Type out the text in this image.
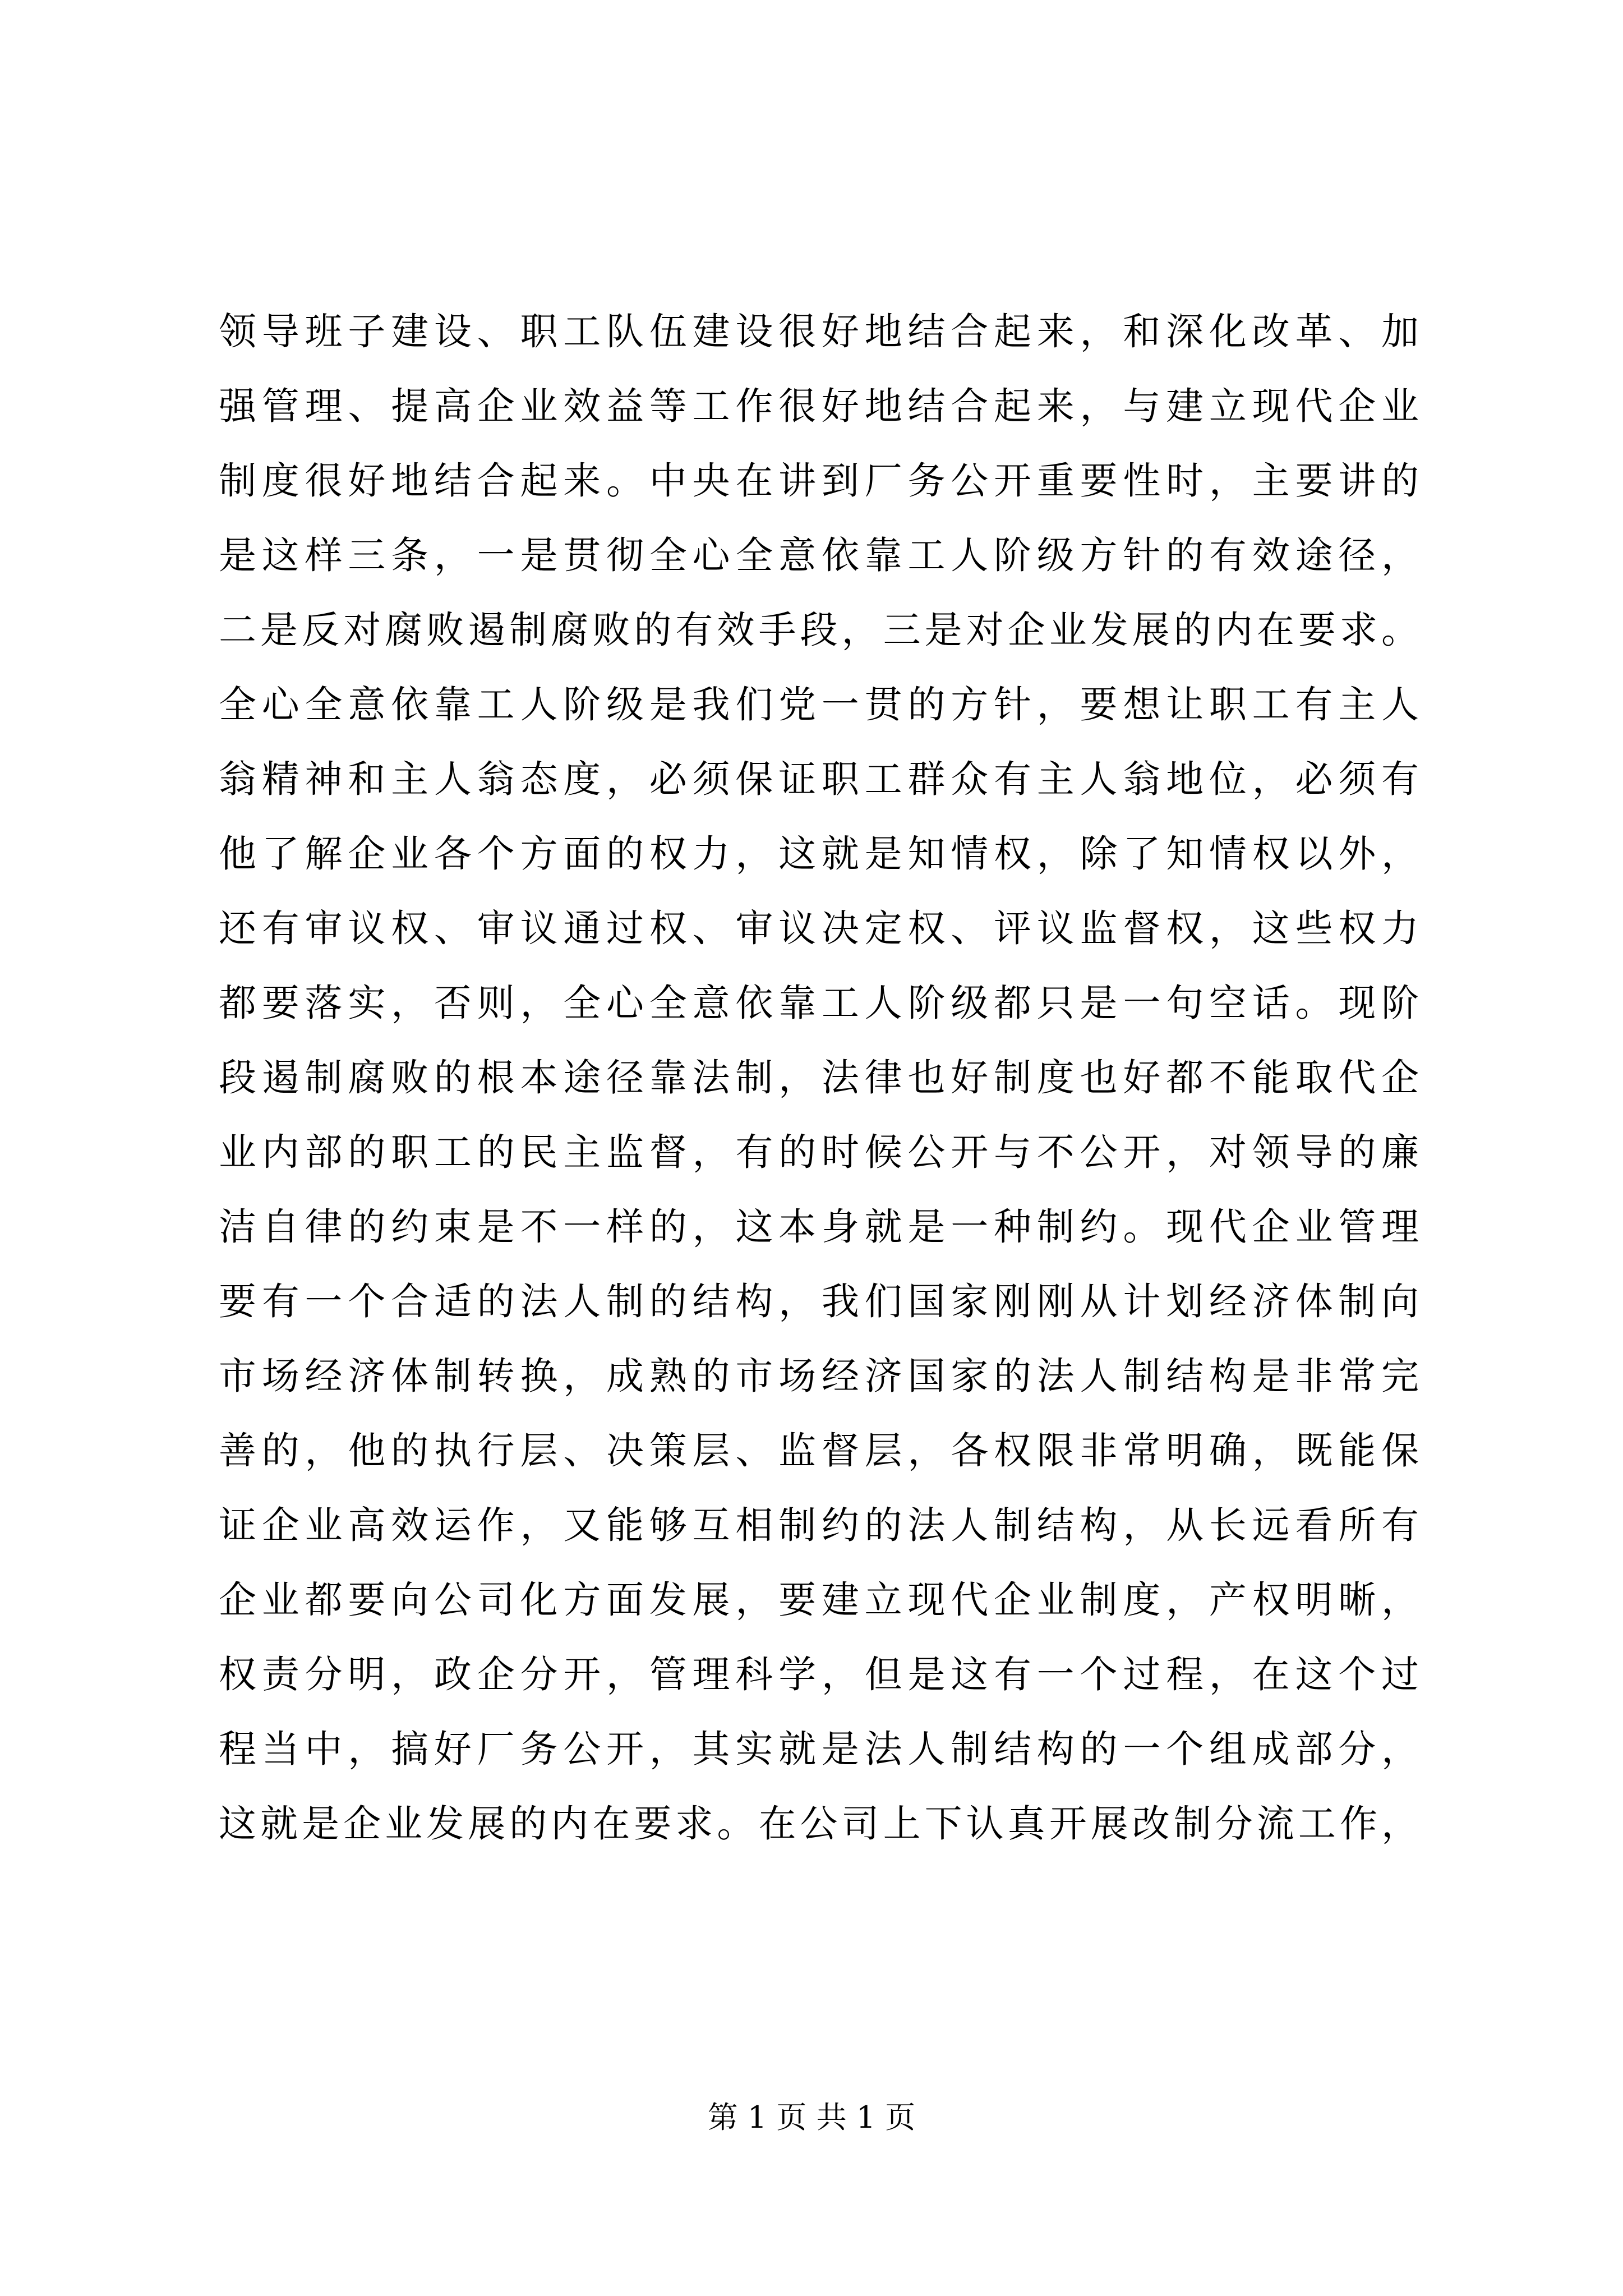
领导班子建设、职工队伍建设很好地结合起来，和深化改革、加
强管理、提高企业效益等工作很好地结合起来，与建立现代企业
制度很好地结合起来。中央在讲到厂务公开重要性时，主要讲的
是这样三条，一是贯彻全心全意依靠工人阶级方针的有效途径，
二是反对腐败遏制腐败的有效手段，三是对企业发展的内在要求。
全心全意依靠工人阶级是我们党一贯的方针，要想让职工有主人
翁精神和主人翁态度，必须保证职工群众有主人翁地位，必须有
他了解企业各个方面的权力，这就是知情权，除了知情权以外，
还有审议权、审议通过权、审议决定权、评议监督权，这些权力
都要落实，否则，全心全意依靠工人阶级都只是一句空话。现阶
段遏制腐败的根本途径靠法制，法律也好制度也好都不能取代企
业内部的职工的民主监督，有的时候公开与不公开，对领导的廉
洁自律的约束是不一样的，这本身就是一种制约。现代企业管理
要有一个合适的法人制的结构，我们国家刚刚从计划经济体制向
市场经济体制转换，成熟的市场经济国家的法人制结构是非常完
善的，他的执行层、决策层、监督层，各权限非常明确，既能保
证企业高效运作，又能够互相制约的法人制结构，从长远看所有
企业都要向公司化方面发展，要建立现代企业制度，产权明晰，
权责分明，政企分开，管理科学，但是这有一个过程，在这个过
程当中，搞好厂务公开，其实就是法人制结构的一个组成部分，
这就是企业发展的内在要求。在公司上下认真开展改制分流工作，
第 1 页 共 1 页
